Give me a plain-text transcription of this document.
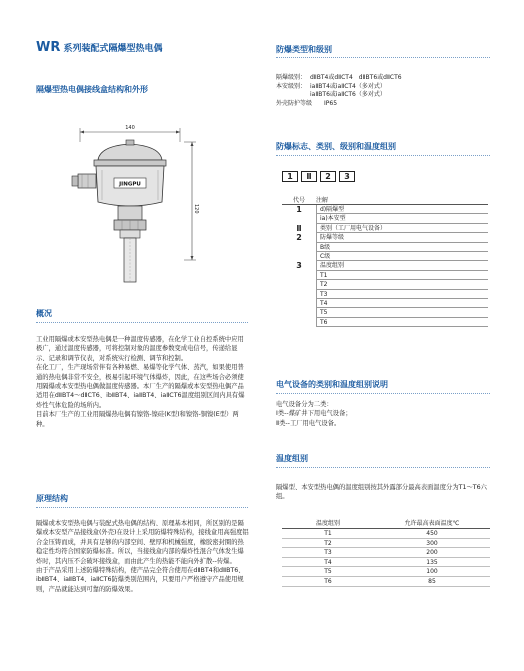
WR 系列装配式隔爆型热电偶
隔爆型热电偶接线盒结构和外形
140
120
JINGPU
概况

工业用隔爆或本安型热电偶是一种温度传感器，在化学工业自控系统中应用极广，通过温度传感器，可将控制对象的温度参数变成电信号，传递给显示、记录和调节仪表，对系统实行检测、调节和控制。

在化工厂，生产现场常伴有各种易燃、易爆等化学气体、蒸汽，如果使用普通的热电偶非常不安全，极易引起环境气体爆炸，因此，在这些场合必须使用隔爆或本安型热电偶做温度传感器。本厂生产的隔爆或本安型热电偶产品适用在dⅡBT4～dⅡCT6、ibⅡBT4、iaⅡBT4、iaⅡCT6温度组别区间内具有爆炸性气体危险的场所内。

目前本厂生产的工业用隔爆热电偶有镍铬-镍硅(K型)和镍铬-铜镍(E型）两种。

原理结构

隔爆或本安型热电偶与装配式热电偶的结构、原理基本相同，所区别的是隔爆或本安型产品接线盒(外壳)在设计上采用防爆特殊结构，接线盒用高强度铝合金压铸而成，并具有足够的内部空间、壁厚和机械强度，橡胶密封圈的热稳定性均符合国家防爆标准。所以，当接线盒内部的爆炸性混合气体发生爆炸时，其内压不会破坏接线盒，而由此产生的热能不能向外扩散--传爆。

由于产品采用上述防爆特殊结构，使产品完全符合使用在dⅡBT4和dⅡBT6、ibⅡBT4、iaⅡBT4、iaⅡCT6防爆类别范围内，只要用户严格遵守产品使用规则，产品就能达到可靠的防爆效果。

防爆类型和级别
隔爆级别： dⅡBT4或dⅡCT4　dⅡBT6或dⅡCT6
本安级别： iaⅡBT4或iaⅡCT4（多对式）
iaⅡBT6或iaⅡCT6（多对式）
外壳防护等级　IP65
防爆标志、类别、级别和温度组别
1	Ⅱ	2	3
代号	注解
1	d)隔爆型
ia)本安型
Ⅱ	类别（工厂用电气设备）
2	防爆等级
B级
C级
3	温度组别
T1
T2
T3
T4
T5
T6
电气设备的类别和温度组别说明

电气设备分为二类：

Ⅰ类--煤矿井下用电气设备；

Ⅱ类--工厂用电气设备。

温度组别
隔爆型、本安型热电偶的温度组别按其外露部分最高表面温度分为T1～T6六组。
温度组别	允许最高表面温度℃
T1	450
T2	300
T3	200
T4	135
T5	100
T6	85
